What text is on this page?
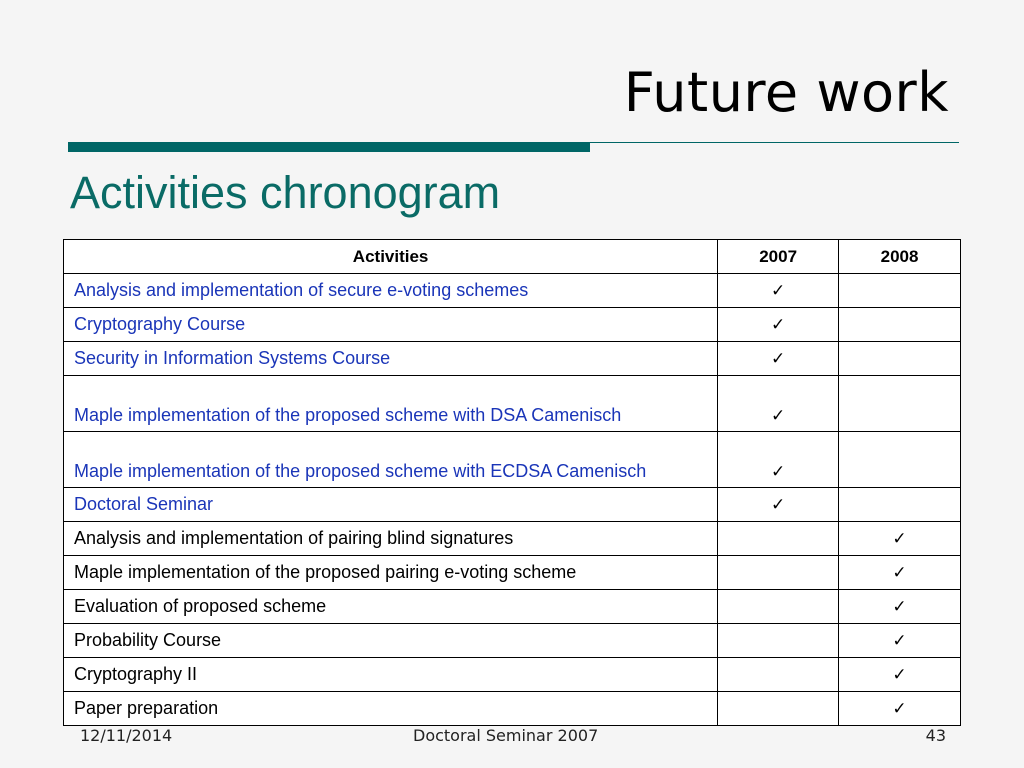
Future work
Activities chronogram
Activities	2007	2008
Analysis and implementation of secure e-voting schemes	✓	
Cryptography Course	✓	
Security in Information Systems Course	✓	
Maple implementation of the proposed scheme with DSA Camenisch	✓	
Maple implementation of the proposed scheme with ECDSA Camenisch	✓	
Doctoral Seminar	✓	
Analysis and implementation of pairing blind signatures		✓
Maple implementation of the proposed pairing e-voting scheme		✓
Evaluation of proposed scheme		✓
Probability Course		✓
Cryptography II		✓
Paper preparation		✓
12/11/2014	Doctoral Seminar 2007	43
